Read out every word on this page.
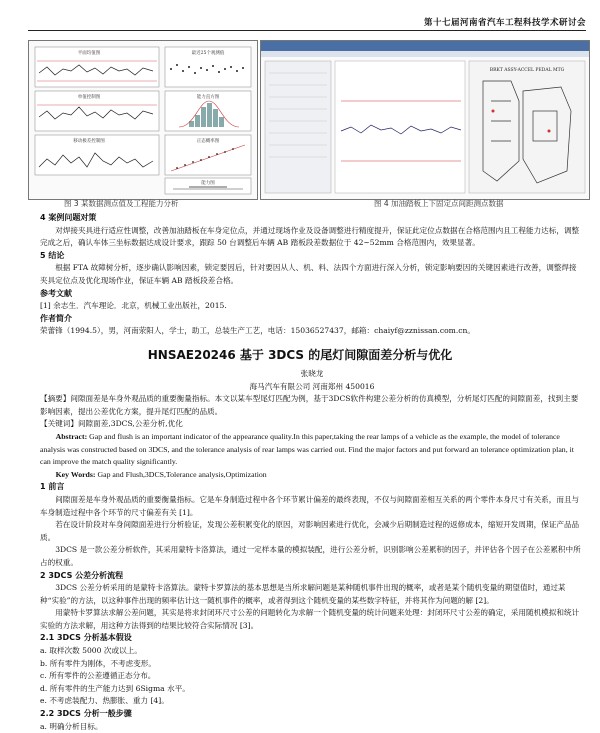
第十七届河南省汽车工程科技学术研讨会
平面均值图
单值控制图
移动极差控制图
最近25个观测值
能力直方图
正态概率图
能力图
图 3 某数据测点值及工程能力分析
BRKT ASSY-ACCEL PEDAL MTG
图 4 加油踏板上下固定点间距测点数据

4 案例问题对策

对焊接夹具进行适应性调整，改善加油踏板在车身定位点，并通过现场作业及设备调整进行精度提升，保证此定位点数据在合格范围内且工程能力达标，调整完成之后，确认车体三坐标数据达成设计要求，跟踪 50 台调整后车辆 AB 踏板段差数据位于 42~52mm 合格范围内，效果显著。

5 结论

根据 FTA 故障树分析，逐步确认影响因素，锁定要因后，针对要因从人、机、料、法四个方面进行深入分析，锁定影响要因的关键因素进行改善，调整焊接夹具定位点及优化现场作业，保证车辆 AB 踏板段差合格。

参考文献

[1] 余志生．汽车理论．北京，机械工业出版社，2015.

作者简介

荣蕾锋（1994.5），男，河南荥阳人，学士，助工，总装生产工艺，电话：15036527437，邮箱：chaiyf@zznissan.com.cn。

HNSAE20246 基于 3DCS 的尾灯间隙面差分析与优化

张晓龙

海马汽车有限公司 河南郑州 450016

【摘要】间隙面差是车身外观品质的重要衡量指标。本文以某车型尾灯匹配为例，基于3DCS软件构建公差分析的仿真模型，分析尾灯匹配的间隙面差，找到主要影响因素，提出公差优化方案，提升尾灯匹配的品质。

【关键词】间隙面差,3DCS,公差分析,优化

Abstract: Gap and flush is an important indicator of the appearance quality.In this paper,taking the rear lamps of a vehicle as the example, the model of tolerance analysis was constructed based on 3DCS, and the tolerance analysis of rear lamps was carried out. Find the major factors and put forward an tolerance optimization plan, it can improve the match quality significantly.

Key Words: Gap and Flush,3DCS,Tolerance analysis,Optimization

1 前言

间隙面差是车身外观品质的重要衡量指标。它是车身制造过程中各个环节累计偏差的最终表现，不仅与间隙面差相互关系的两个零件本身尺寸有关系，而且与车身制造过程中各个环节的尺寸偏差有关 [1]。

若在设计阶段对车身间隙面差进行分析验证，发现公差积累变化的原因，对影响因素进行优化，会减少后期制造过程的返修成本，缩短开发周期，保证产品品质。

3DCS 是一款公差分析软件，其采用蒙特卡洛算法，通过一定样本量的模拟装配，进行公差分析，识别影响公差累积的因子，并评估各个因子在公差累积中所占的权重。

2 3DCS 公差分析流程

3DCS 公差分析采用的是蒙特卡洛算法。蒙特卡罗算法的基本思想是当所求解问题是某种随机事件出现的概率，或者是某个随机变量的期望值时，通过某种“实验”的方法，以这种事件出现的频率估计这一随机事件的概率，或者得到这个随机变量的某些数字特征，并将其作为问题的解 [2]。

用蒙特卡罗算法求解公差问题，其实是将求封闭环尺寸公差的问题转化为求解一个随机变量的统计问题来处理：封闭环尺寸公差的确定，采用随机模拟和统计实验的方法求解，用这种方法得到的结果比较符合实际情况 [3]。

2.1 3DCS 分析基本假设

a. 取样次数 5000 次或以上。

b. 所有零件为刚体，不考虑变形。

c. 所有零件的公差遵循正态分布。

d. 所有零件的生产能力达到 6Sigma 水平。

e. 不考虑装配力、热膨胀、重力 [4]。

2.2 3DCS 分析一般步骤

a. 明确分析目标。
